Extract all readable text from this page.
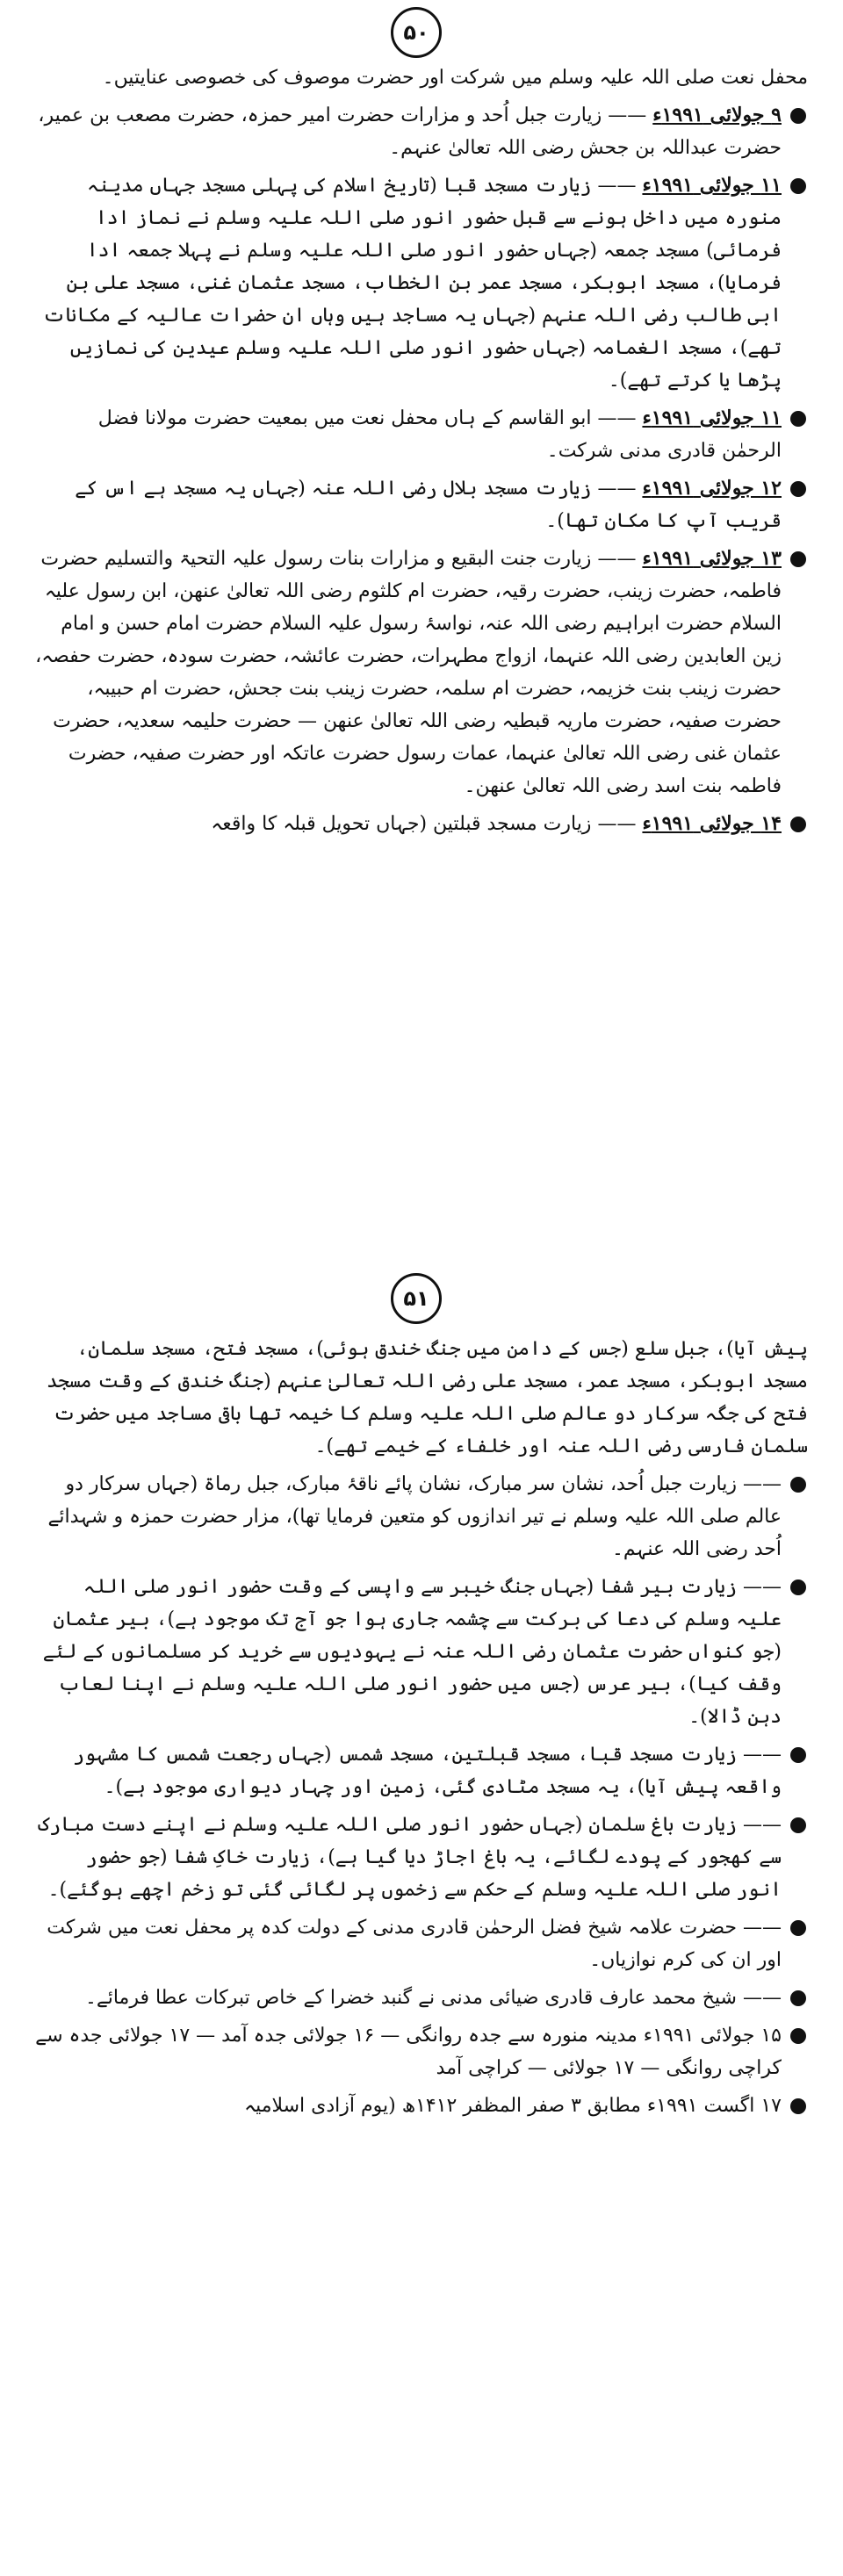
۵۰

محفل نعت صلی اللہ علیہ وسلم میں شرکت اور حضرت موصوف کی خصوصی عنایتیں۔

۹ جولائی ۱۹۹۱ء —— زیارت جبل اُحد و مزارات حضرت امیر حمزہ، حضرت مصعب بن عمیر، حضرت عبداللہ بن جحش رضی اللہ تعالیٰ عنہم۔

۱۱ جولائی ۱۹۹۱ء —— زیارت مسجد قبا (تاریخ اسلام کی پہلی مسجد جہاں مدینہ منورہ میں داخل ہونے سے قبل حضور انور صلی اللہ علیہ وسلم نے نماز ادا فرمائی) مسجد جمعہ (جہاں حضور انور صلی اللہ علیہ وسلم نے پہلا جمعہ ادا فرمایا)، مسجد ابوبکر، مسجد عمر بن الخطاب، مسجد عثمان غنی، مسجد علی بن ابی طالب رضی اللہ عنہم (جہاں یہ مساجد ہیں وہاں ان حضرات عالیہ کے مکانات تھے)، مسجد الغمامہ (جہاں حضور انور صلی اللہ علیہ وسلم عیدین کی نمازیں پڑھا یا کرتے تھے)۔

۱۱ جولائی ۱۹۹۱ء —— ابو القاسم کے ہاں محفل نعت میں بمعیت حضرت مولانا فضل الرحمٰن قادری مدنی شرکت۔

۱۲ جولائی ۱۹۹۱ء —— زیارت مسجد بلال رضی اللہ عنہ (جہاں یہ مسجد ہے اس کے قریب آپ کا مکان تھا)۔

۱۳ جولائی ۱۹۹۱ء —— زیارت جنت البقیع و مزارات بنات رسول علیہ التحیۃ والتسلیم حضرت فاطمہ، حضرت زینب، حضرت رقیہ، حضرت ام کلثوم رضی اللہ تعالیٰ عنھن، ابن رسول علیہ السلام حضرت ابراہیم رضی اللہ عنہ، نواسۂ رسول علیہ السلام حضرت امام حسن و امام زین العابدین رضی اللہ عنہما، ازواج مطہرات، حضرت عائشہ، حضرت سودہ، حضرت حفصہ، حضرت زینب بنت خزیمہ، حضرت ام سلمہ، حضرت زینب بنت جحش، حضرت ام حبیبہ، حضرت صفیہ، حضرت ماریہ قبطیہ رضی اللہ تعالیٰ عنھن — حضرت حلیمہ سعدیہ، حضرت عثمان غنی رضی اللہ تعالیٰ عنہما، عمات رسول حضرت عاتکہ اور حضرت صفیہ، حضرت فاطمہ بنت اسد رضی اللہ تعالیٰ عنھن۔

۱۴ جولائی ۱۹۹۱ء —— زیارت مسجد قبلتین (جہاں تحویل قبلہ کا واقعہ

۵۱

پیش آیا)، جبل سلع (جس کے دامن میں جنگ خندق ہوئی)، مسجد فتح، مسجد سلمان، مسجد ابوبکر، مسجد عمر، مسجد علی رضی اللہ تعالیٰ عنہم (جنگ خندق کے وقت مسجد فتح کی جگہ سرکار دو عالم صلی اللہ علیہ وسلم کا خیمہ تھا باقی مساجد میں حضرت سلمان فارسی رضی اللہ عنہ اور خلفاء کے خیمے تھے)۔

—— زیارت جبل اُحد، نشان سر مبارک، نشان پائے ناقۂ مبارک، جبل رماۃ (جہاں سرکار دو عالم صلی اللہ علیہ وسلم نے تیر اندازوں کو متعین فرمایا تھا)، مزار حضرت حمزہ و شہدائے اُحد رضی اللہ عنہم۔

—— زیارت بیر شفا (جہاں جنگ خیبر سے واپسی کے وقت حضور انور صلی اللہ علیہ وسلم کی دعا کی برکت سے چشمہ جاری ہوا جو آج تک موجود ہے)، بیر عثمان (جو کنواں حضرت عثمان رضی اللہ عنہ نے یہودیوں سے خرید کر مسلمانوں کے لئے وقف کیا)، بیر عرس (جس میں حضور انور صلی اللہ علیہ وسلم نے اپنا لعاب دہن ڈالا)۔

—— زیارت مسجد قبا، مسجد قبلتین، مسجد شمس (جہاں رجعت شمس کا مشہور واقعہ پیش آیا)، یہ مسجد مٹادی گئی، زمین اور چہار دیواری موجود ہے)۔

—— زیارت باغ سلمان (جہاں حضور انور صلی اللہ علیہ وسلم نے اپنے دست مبارک سے کھجور کے پودے لگائے، یہ باغ اجاڑ دیا گیا ہے)، زیارت خاکِ شفا (جو حضور انور صلی اللہ علیہ وسلم کے حکم سے زخموں پر لگائی گئی تو زخم اچھے ہوگئے)۔

—— حضرت علامہ شیخ فضل الرحمٰن قادری مدنی کے دولت کدہ پر محفل نعت میں شرکت اور ان کی کرم نوازیاں۔

—— شیخ محمد عارف قادری ضیائی مدنی نے گنبد خضرا کے خاص تبرکات عطا فرمائے۔

۱۵ جولائی ۱۹۹۱ء مدینہ منورہ سے جدہ روانگی — ۱۶ جولائی جدہ آمد — ۱۷ جولائی جدہ سے کراچی روانگی — ۱۷ جولائی — کراچی آمد

۱۷ اگست ۱۹۹۱ء مطابق ۳ صفر المظفر ۱۴۱۲ھ (یوم آزادی اسلامیہ
